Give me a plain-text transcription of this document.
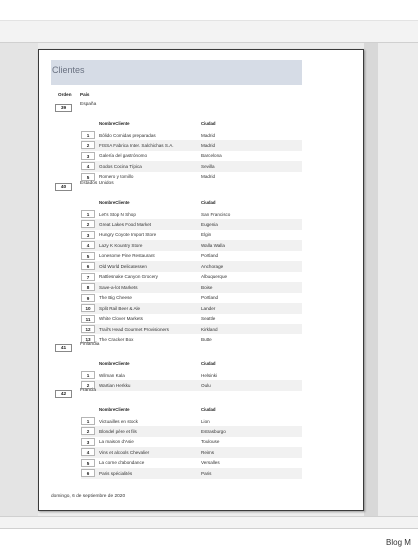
Clientes
Orden País
39
España
NombreCliente	Ciudad
1	Bólido Comidas preparadas	Madrid
2	FISSA Fabrica Inter. Salchichas S.A.	Madrid
3	Galería del gastrónomo	Barcelona
4	Godos Cocina Típica	Sevilla
5	Romero y tomillo	Madrid
40
Estados Unidos
NombreCliente	Ciudad
1	Let's Stop N Shop	San Francisco
2	Great Lakes Food Market	Eugenia
3	Hungry Coyote Import Store	Elgin
4	Lazy K Kountry Store	Walla Walla
5	Lonesome Pine Restaurant	Portland
6	Old World Delicatessen	Anchorage
7	Rattlesnake Canyon Grocery	Albuquerque
8	Save-a-lot Markets	Boise
9	The Big Cheese	Portland
10	Split Rail Beer & Ale	Lander
11	White Clover Markets	Seattle
12	Trail's Head Gourmet Provisioners	Kirkland
13	The Cracker Box	Butte
41
Finlandia
NombreCliente	Ciudad
1	Wilman Kala	Helsinki
2	Wartian Herkku	Oulu
42
Francia
NombreCliente	Ciudad
1	Victuailles en stock	Lion
2	Blondel père et fils	Estrasburgo
3	La maison d'Asie	Toulouse
4	Vins et alcools Chevalier	Reims
5	La corne d'abondance	Versalles
6	Paris spécialités	Paris
domingo, 6 de septiembre de 2020
Blog M
